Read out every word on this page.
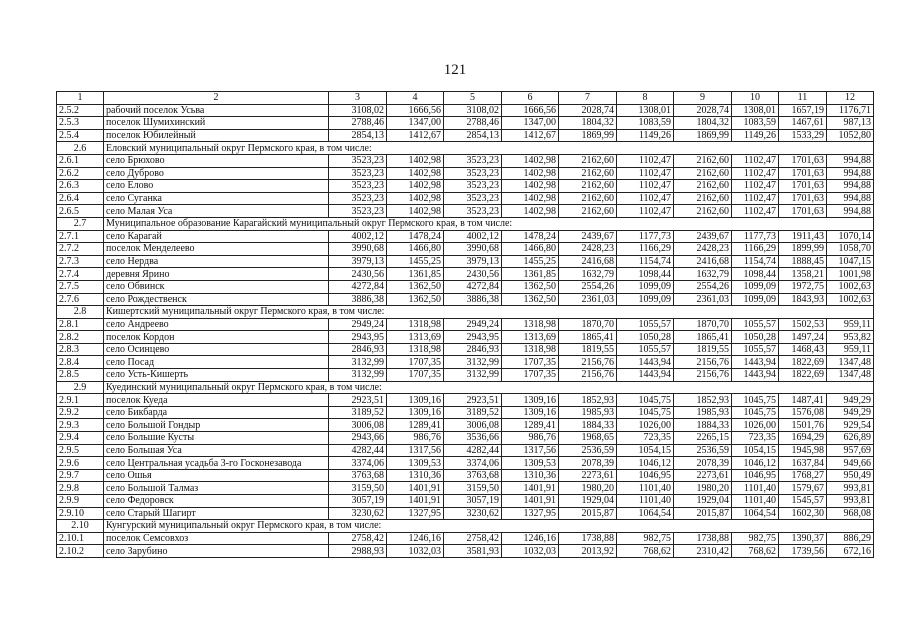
121
1	2	3	4	5	6	7	8	9	10	11	12
2.5.2	рабочий поселок Усьва	3108,02	1666,56	3108,02	1666,56	2028,74	1308,01	2028,74	1308,01	1657,19	1176,71
2.5.3	поселок Шумихинский	2788,46	1347,00	2788,46	1347,00	1804,32	1083,59	1804,32	1083,59	1467,61	987,13
2.5.4	поселок Юбилейный	2854,13	1412,67	2854,13	1412,67	1869,99	1149,26	1869,99	1149,26	1533,29	1052,80
2.6	Еловский муниципальный округ Пермского края, в том числе:										
2.6.1	село Брюхово	3523,23	1402,98	3523,23	1402,98	2162,60	1102,47	2162,60	1102,47	1701,63	994,88
2.6.2	село Дуброво	3523,23	1402,98	3523,23	1402,98	2162,60	1102,47	2162,60	1102,47	1701,63	994,88
2.6.3	село Елово	3523,23	1402,98	3523,23	1402,98	2162,60	1102,47	2162,60	1102,47	1701,63	994,88
2.6.4	село Суганка	3523,23	1402,98	3523,23	1402,98	2162,60	1102,47	2162,60	1102,47	1701,63	994,88
2.6.5	село Малая Уса	3523,23	1402,98	3523,23	1402,98	2162,60	1102,47	2162,60	1102,47	1701,63	994,88
2.7	Муниципальное образование Карагайский муниципальный округ Пермского края, в том числе:										
2.7.1	село Карагай	4002,12	1478,24	4002,12	1478,24	2439,67	1177,73	2439,67	1177,73	1911,43	1070,14
2.7.2	поселок Менделеево	3990,68	1466,80	3990,68	1466,80	2428,23	1166,29	2428,23	1166,29	1899,99	1058,70
2.7.3	село Нердва	3979,13	1455,25	3979,13	1455,25	2416,68	1154,74	2416,68	1154,74	1888,45	1047,15
2.7.4	деревня Ярино	2430,56	1361,85	2430,56	1361,85	1632,79	1098,44	1632,79	1098,44	1358,21	1001,98
2.7.5	село Обвинск	4272,84	1362,50	4272,84	1362,50	2554,26	1099,09	2554,26	1099,09	1972,75	1002,63
2.7.6	село Рождественск	3886,38	1362,50	3886,38	1362,50	2361,03	1099,09	2361,03	1099,09	1843,93	1002,63
2.8	Кишертский муниципальный округ Пермского края, в том числе:										
2.8.1	село Андреево	2949,24	1318,98	2949,24	1318,98	1870,70	1055,57	1870,70	1055,57	1502,53	959,11
2.8.2	поселок Кордон	2943,95	1313,69	2943,95	1313,69	1865,41	1050,28	1865,41	1050,28	1497,24	953,82
2.8.3	село Осинцево	2846,93	1318,98	2846,93	1318,98	1819,55	1055,57	1819,55	1055,57	1468,43	959,11
2.8.4	село Посад	3132,99	1707,35	3132,99	1707,35	2156,76	1443,94	2156,76	1443,94	1822,69	1347,48
2.8.5	село Усть-Кишерть	3132,99	1707,35	3132,99	1707,35	2156,76	1443,94	2156,76	1443,94	1822,69	1347,48
2.9	Куединский муниципальный округ Пермского края, в том числе:										
2.9.1	поселок Куеда	2923,51	1309,16	2923,51	1309,16	1852,93	1045,75	1852,93	1045,75	1487,41	949,29
2.9.2	село Бикбарда	3189,52	1309,16	3189,52	1309,16	1985,93	1045,75	1985,93	1045,75	1576,08	949,29
2.9.3	село Большой Гондыр	3006,08	1289,41	3006,08	1289,41	1884,33	1026,00	1884,33	1026,00	1501,76	929,54
2.9.4	село Большие Кусты	2943,66	986,76	3536,66	986,76	1968,65	723,35	2265,15	723,35	1694,29	626,89
2.9.5	село Большая Уса	4282,44	1317,56	4282,44	1317,56	2536,59	1054,15	2536,59	1054,15	1945,98	957,69
2.9.6	село Центральная усадьба 3-го Госконезавода	3374,06	1309,53	3374,06	1309,53	2078,39	1046,12	2078,39	1046,12	1637,84	949,66
2.9.7	село Ошья	3763,68	1310,36	3763,68	1310,36	2273,61	1046,95	2273,61	1046,95	1768,27	950,49
2.9.8	село Большой Талмаз	3159,50	1401,91	3159,50	1401,91	1980,20	1101,40	1980,20	1101,40	1579,67	993,81
2.9.9	село Федоровск	3057,19	1401,91	3057,19	1401,91	1929,04	1101,40	1929,04	1101,40	1545,57	993,81
2.9.10	село Старый Шагирт	3230,62	1327,95	3230,62	1327,95	2015,87	1064,54	2015,87	1064,54	1602,30	968,08
2.10	Кунгурский муниципальный округ Пермского края, в том числе:										
2.10.1	поселок Семсовхоз	2758,42	1246,16	2758,42	1246,16	1738,88	982,75	1738,88	982,75	1390,37	886,29
2.10.2	село Зарубино	2988,93	1032,03	3581,93	1032,03	2013,92	768,62	2310,42	768,62	1739,56	672,16
